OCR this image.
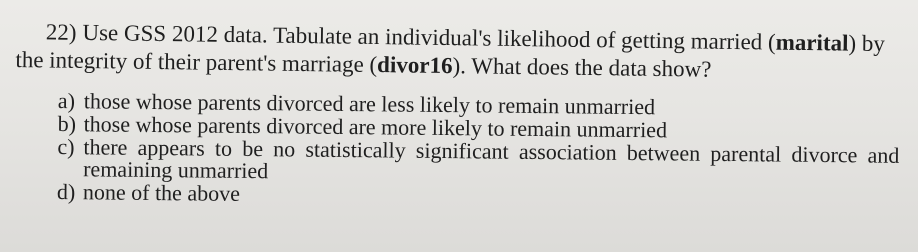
22) Use GSS 2012 data. Tabulate an individual's likelihood of getting married (marital) by the integrity of their parent's marriage (divor16). What does the data show?

a) those whose parents divorced are less likely to remain unmarried
b) those whose parents divorced are more likely to remain unmarried
c) there appears to be no statistically significant association between parental divorce and remaining unmarried
d) none of the above
